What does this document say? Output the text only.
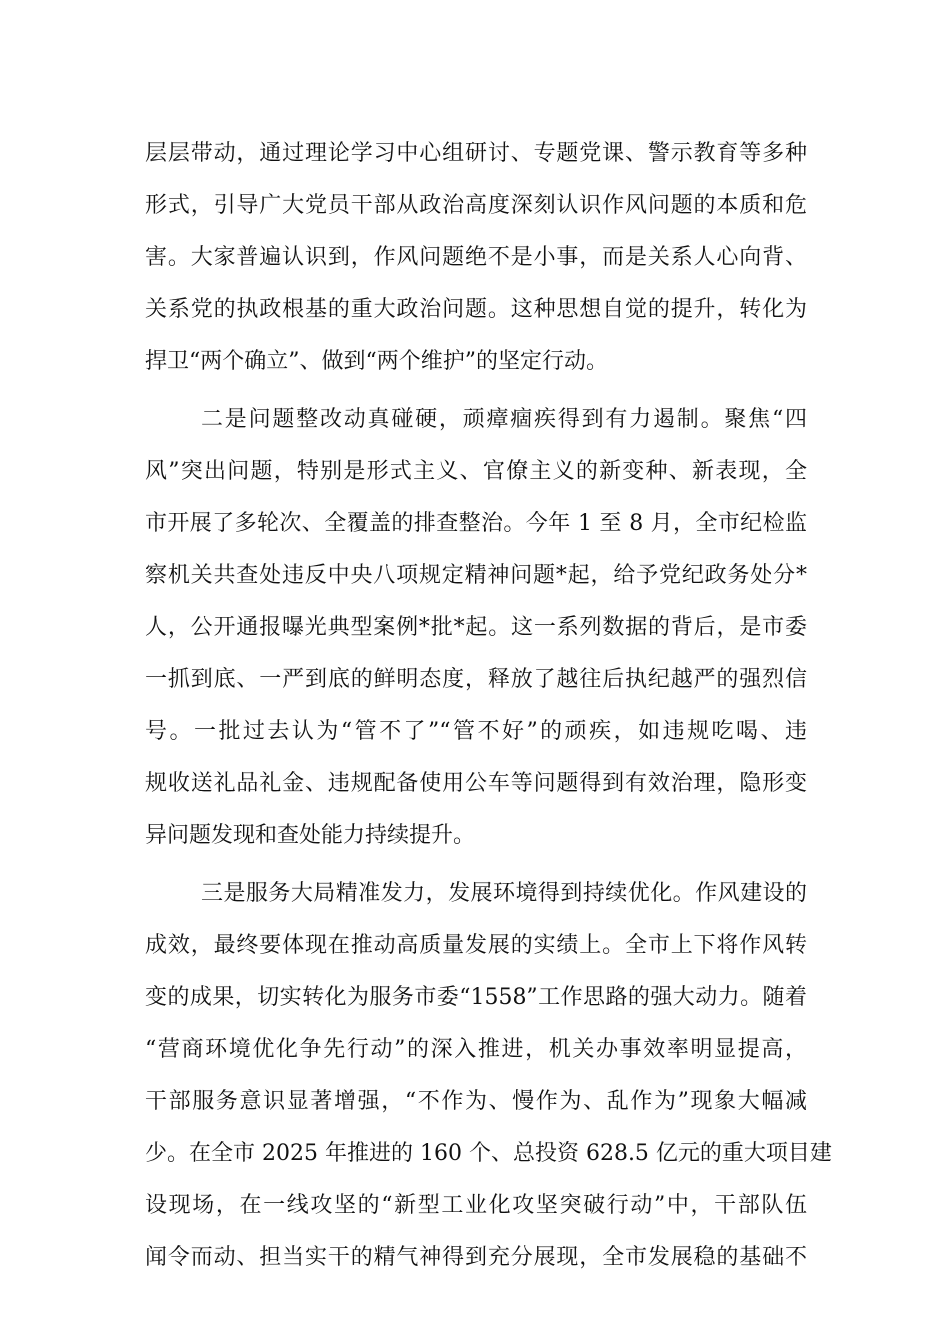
层层带动，通过理论学习中心组研讨、专题党课、警示教育等多种
形式，引导广大党员干部从政治高度深刻认识作风问题的本质和危
害。大家普遍认识到，作风问题绝不是小事，而是关系人心向背、
关系党的执政根基的重大政治问题。这种思想自觉的提升，转化为
捍卫“两个确立”、做到“两个维护”的坚定行动。
二是问题整改动真碰硬，顽瘴痼疾得到有力遏制。聚焦“四
风”突出问题，特别是形式主义、官僚主义的新变种、新表现，全
市开展了多轮次、全覆盖的排查整治。今年 1 至 8 月，全市纪检监
察机关共查处违反中央八项规定精神问题*起，给予党纪政务处分*
人，公开通报曝光典型案例*批*起。这一系列数据的背后，是市委
一抓到底、一严到底的鲜明态度，释放了越往后执纪越严的强烈信
号。一批过去认为“管不了”“管不好”的顽疾，如违规吃喝、违
规收送礼品礼金、违规配备使用公车等问题得到有效治理，隐形变
异问题发现和查处能力持续提升。
三是服务大局精准发力，发展环境得到持续优化。作风建设的
成效，最终要体现在推动高质量发展的实绩上。全市上下将作风转
变的成果，切实转化为服务市委“1558”工作思路的强大动力。随着
“营商环境优化争先行动”的深入推进，机关办事效率明显提高，
干部服务意识显著增强，“不作为、慢作为、乱作为”现象大幅减
少。在全市 2025 年推进的 160 个、总投资 628.5 亿元的重大项目建
设现场，在一线攻坚的“新型工业化攻坚突破行动”中，干部队伍
闻令而动、担当实干的精气神得到充分展现，全市发展稳的基础不
